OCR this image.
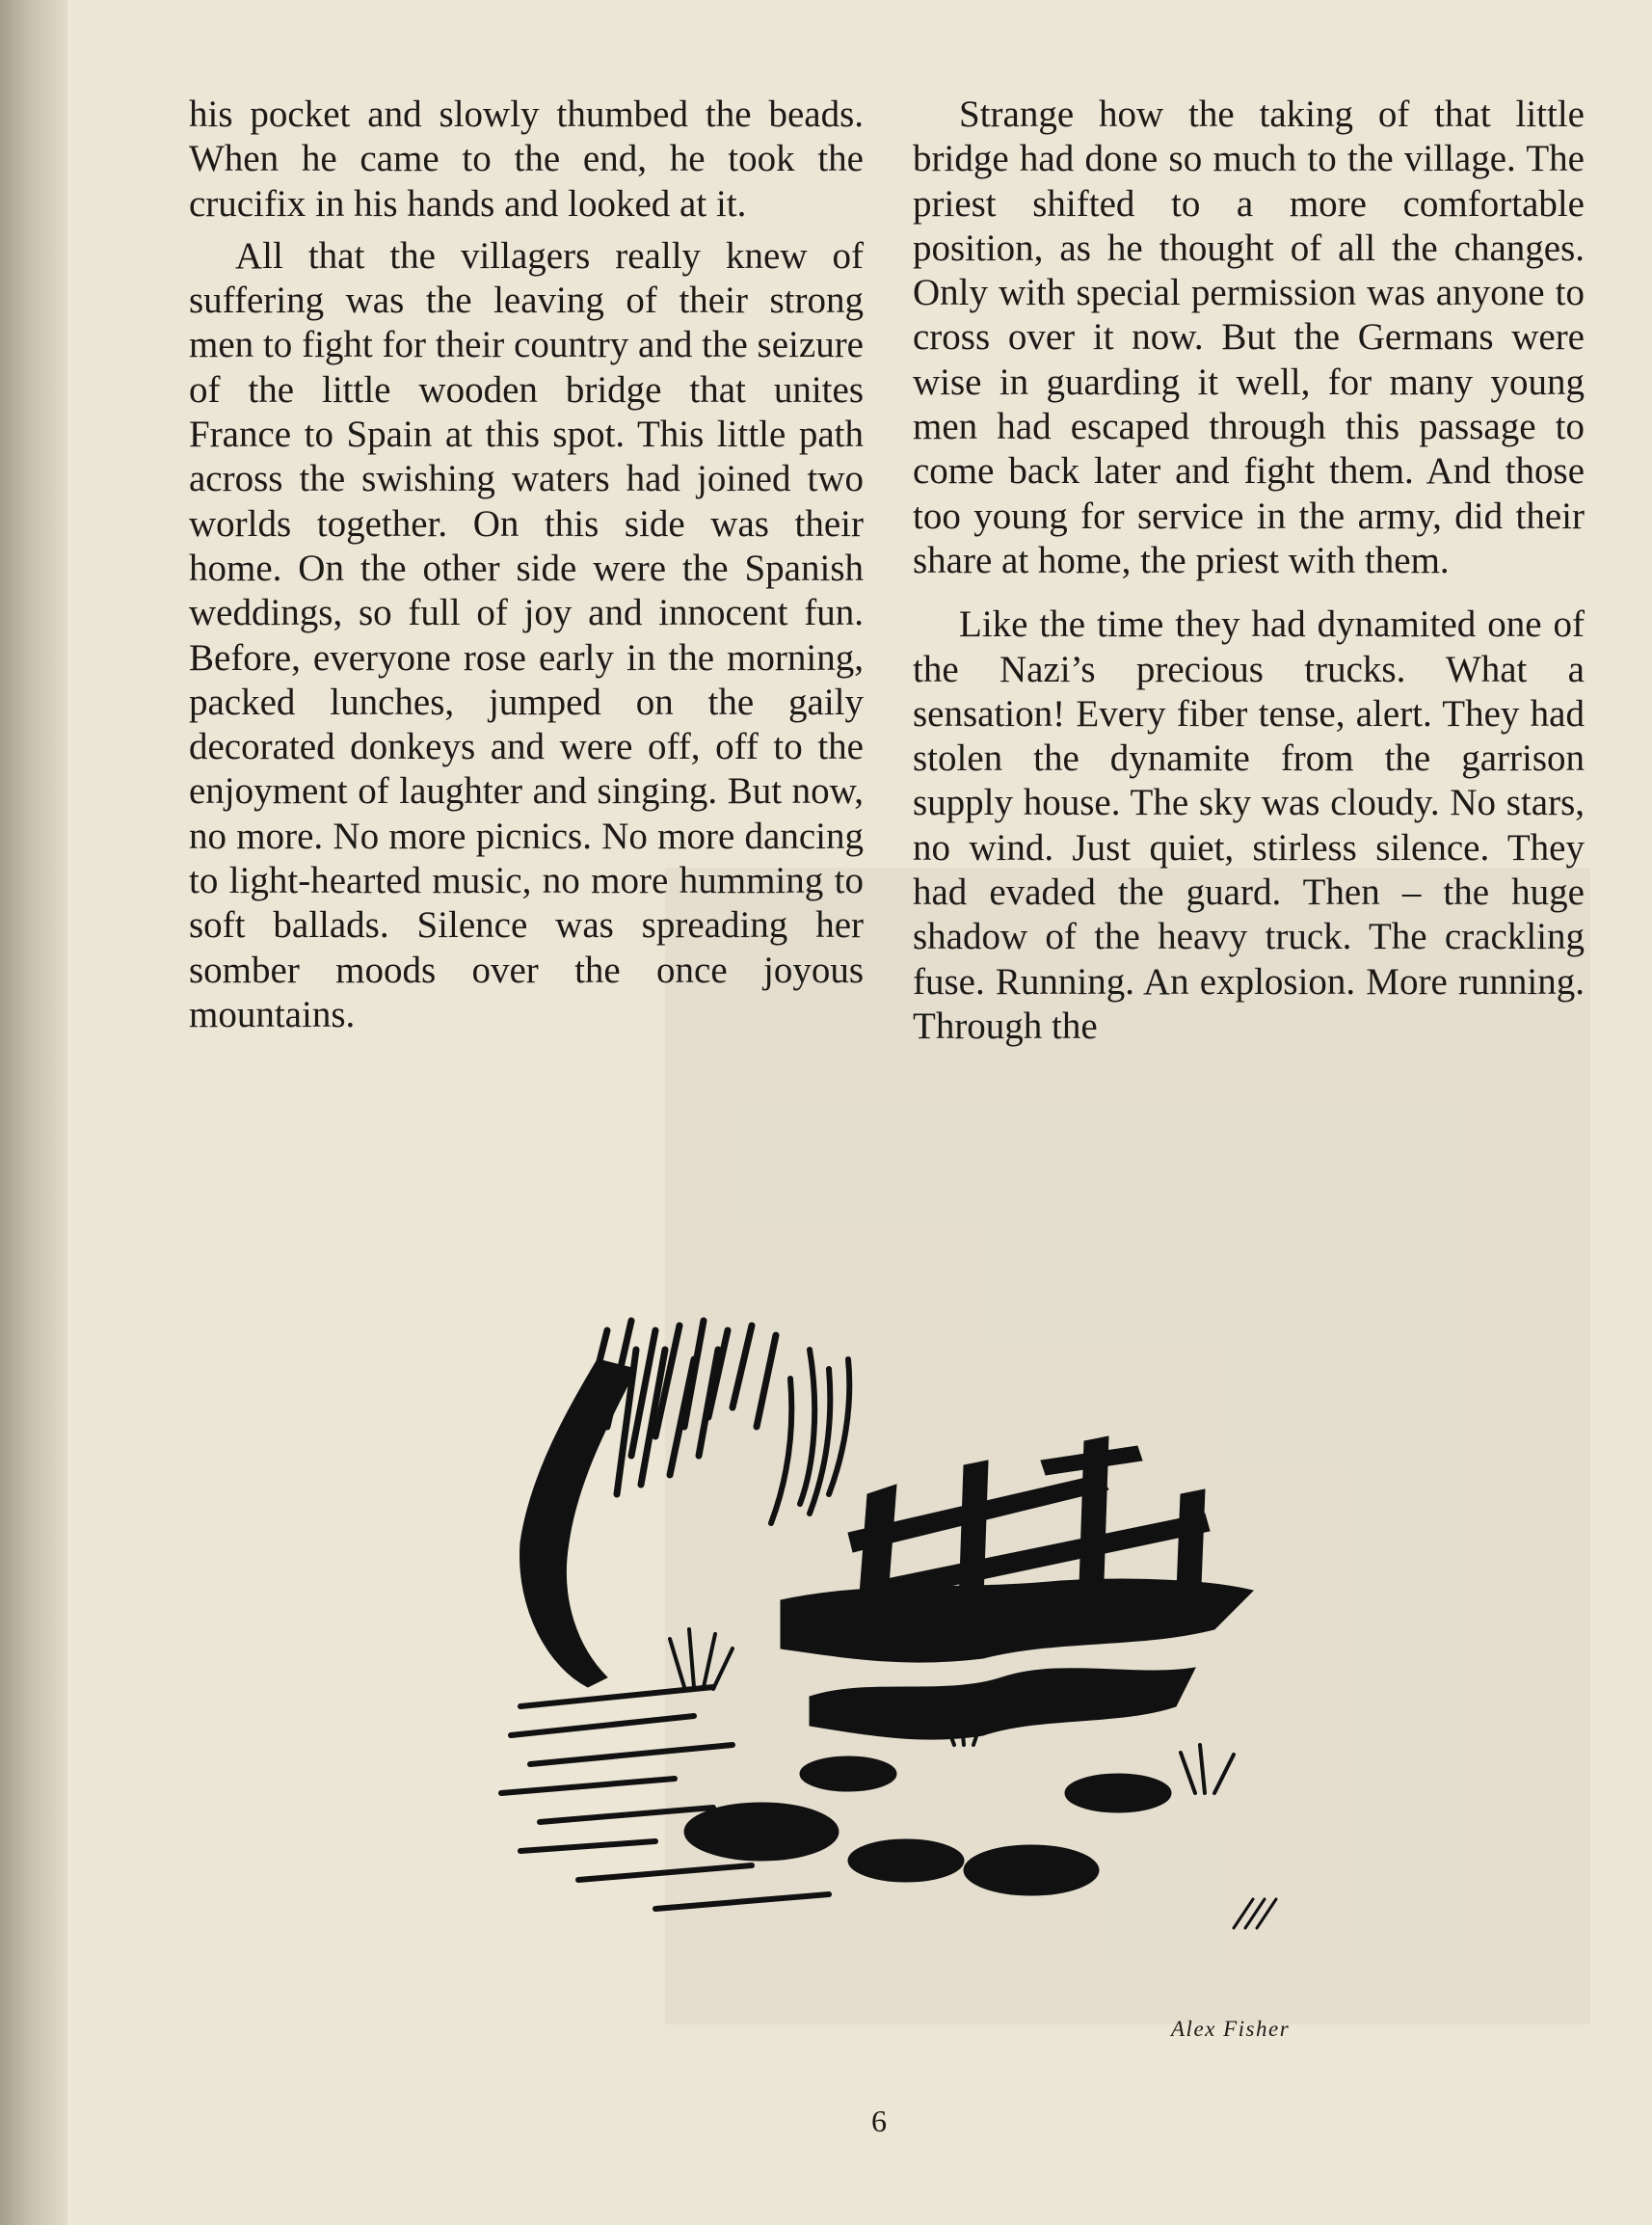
his pocket and slowly thumbed the beads. When he came to the end, he took the crucifix in his hands and looked at it.

All that the villagers really knew of suffering was the leaving of their strong men to fight for their country and the seizure of the little wooden bridge that unites France to Spain at this spot. This little path across the swishing waters had joined two worlds together. On this side was their home. On the other side were the Spanish weddings, so full of joy and innocent fun. Before, everyone rose early in the morning, packed lunches, jumped on the gaily decorated donkeys and were off, off to the enjoyment of laughter and singing. But now, no more. No more picnics. No more dancing to light-hearted music, no more humming to soft ballads. Silence was spreading her somber moods over the once joyous mountains.

Strange how the taking of that little bridge had done so much to the village. The priest shifted to a more comfortable position, as he thought of all the changes. Only with special permission was anyone to cross over it now. But the Germans were wise in guarding it well, for many young men had escaped through this passage to come back later and fight them. And those too young for service in the army, did their share at home, the priest with them.

Like the time they had dynamited one of the Nazi’s precious trucks. What a sensation! Every fiber tense, alert. They had stolen the dynamite from the garrison supply house. The sky was cloudy. No stars, no wind. Just quiet, stirless silence. They had evaded the guard. Then – the huge shadow of the heavy truck. The crackling fuse. Running. An explosion. More running. Through the

Alex Fisher
6
